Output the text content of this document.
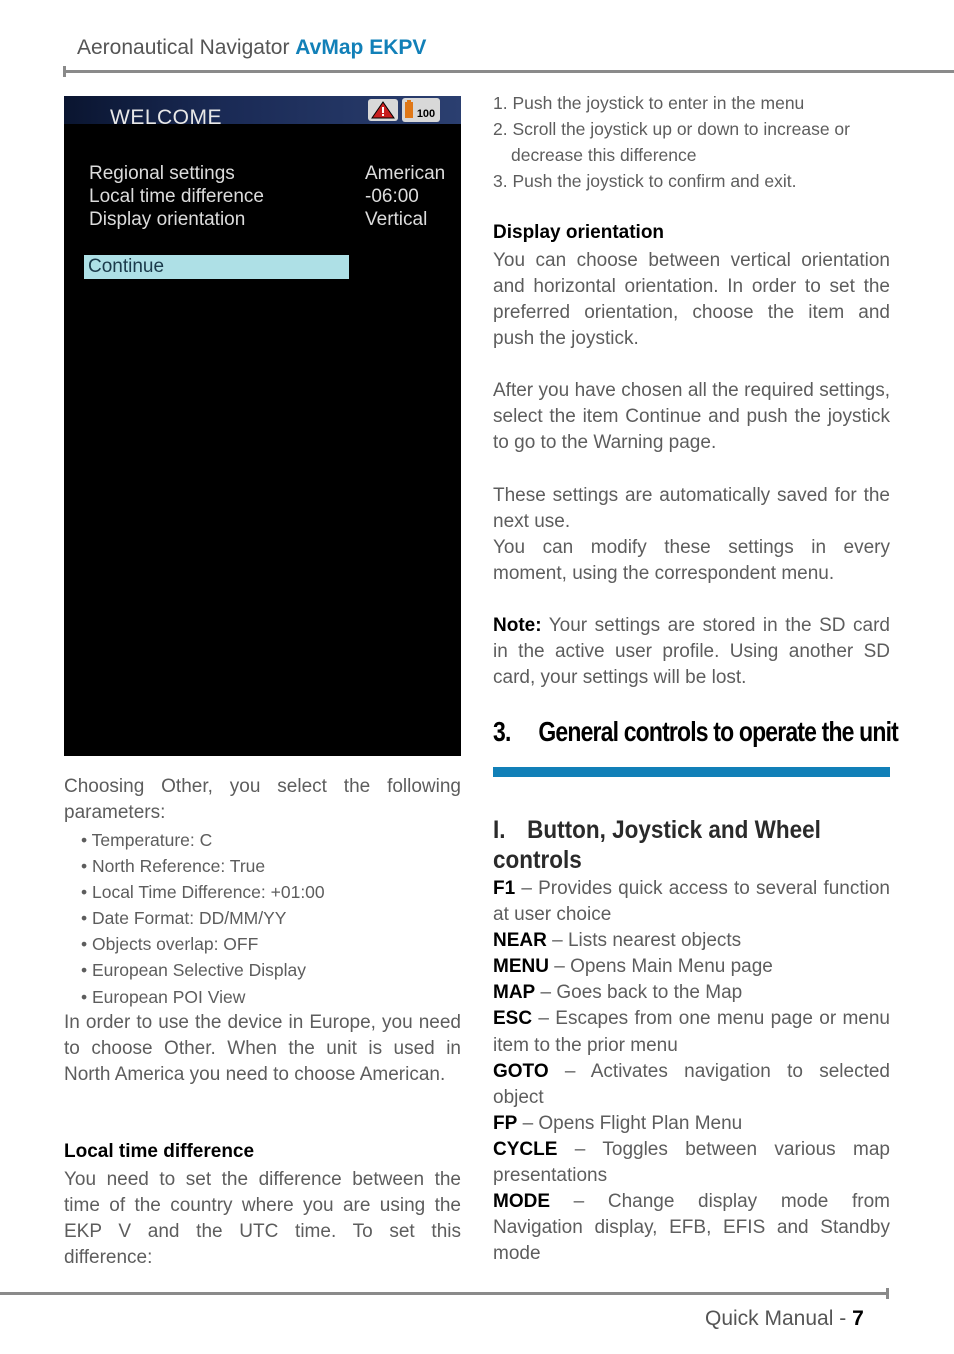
Aeronautical Navigator AvMap EKPV
WELCOME	100
Regional settings	American
Local time difference	-06:00
Display orientation	Vertical
Continue
Choosing Other, you select the following parameters:
• Temperature: C
• North Reference: True
• Local Time Difference: +01:00
• Date Format: DD/MM/YY
• Objects overlap: OFF
• European Selective Display
• European POI View
In order to use the device in Europe, you need to choose Other. When the unit is used in North America you need to choose American.
Local time difference
You need to set the difference between the time of the country where you are using the EKP V and the UTC time. To set this difference:
1. Push the joystick to enter in the menu
2. Scroll the joystick up or down to increase or
decrease this difference
3. Push the joystick to confirm and exit.
Display orientation
You can choose between vertical orientation and horizontal orientation. In order to set the preferred orientation, choose the item and push the joystick.
After you have chosen all the required settings, select the item Continue and push the joystick to go to the Warning page.
These settings are automatically saved for the next use.
You can modify these settings in every moment, using the correspondent menu.
Note: Your settings are stored in the SD card in the active user profile. Using another SD card, your settings will be lost.
3. General controls to operate the unit
I. Button, Joystick and Wheel controls
F1 – Provides quick access to several function at user choice
NEAR – Lists nearest objects
MENU – Opens Main Menu page
MAP – Goes back to the Map
ESC – Escapes from one menu page or menu item to the prior menu
GOTO – Activates navigation to selected object
FP – Opens Flight Plan Menu
CYCLE – Toggles between various map presentations
MODE – Change display mode from Navigation display, EFB, EFIS and Standby mode
Quick Manual - 7
